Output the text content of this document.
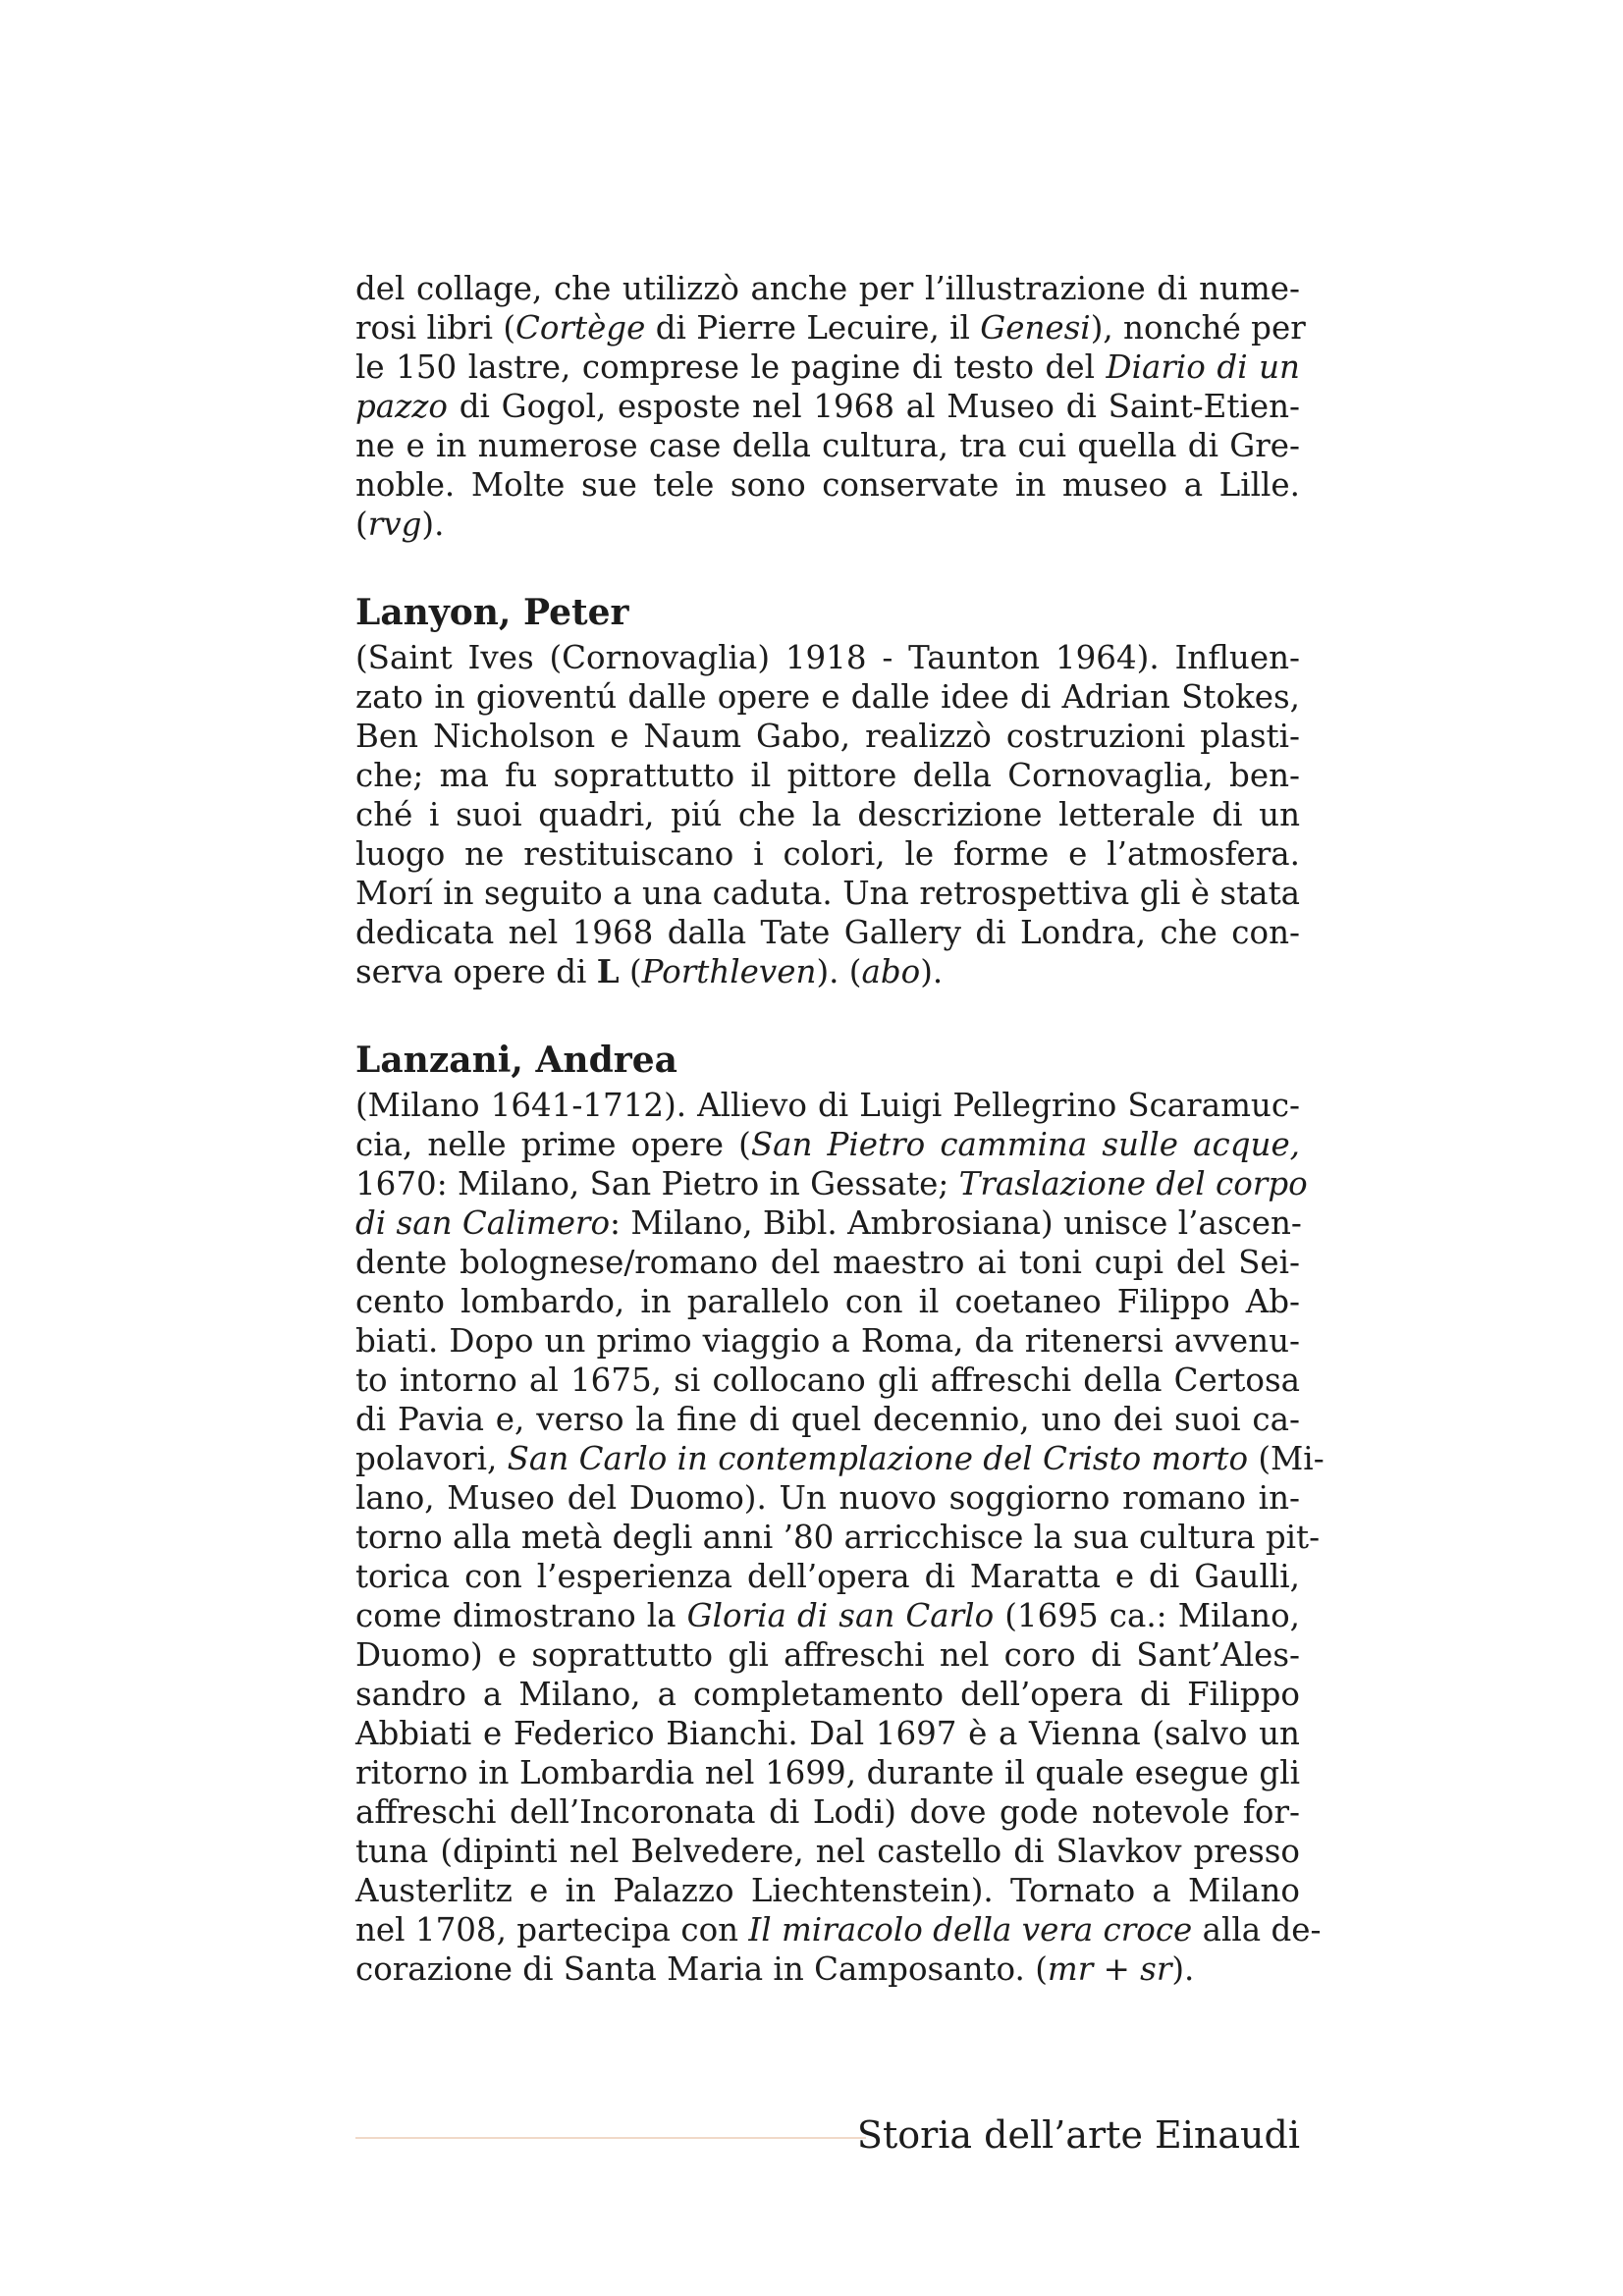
del collage, che utilizzò anche per l’illustrazione di nume-
rosi libri (Cortège di Pierre Lecuire, il Genesi), nonché per
le 150 lastre, comprese le pagine di testo del Diario di un
pazzo di Gogol, esposte nel 1968 al Museo di Saint-Etien-
ne e in numerose case della cultura, tra cui quella di Gre-
noble. Molte sue tele sono conservate in museo a Lille.
(rvg).

Lanyon, Peter

(Saint Ives (Cornovaglia) 1918 - Taunton 1964). Influen-
zato in gioventú dalle opere e dalle idee di Adrian Stokes,
Ben Nicholson e Naum Gabo, realizzò costruzioni plasti-
che; ma fu soprattutto il pittore della Cornovaglia, ben-
ché i suoi quadri, piú che la descrizione letterale di un
luogo ne restituiscano i colori, le forme e l’atmosfera.
Morí in seguito a una caduta. Una retrospettiva gli è stata
dedicata nel 1968 dalla Tate Gallery di Londra, che con-
serva opere di L (Porthleven). (abo).

Lanzani, Andrea

(Milano 1641-1712). Allievo di Luigi Pellegrino Scaramuc-
cia, nelle prime opere (San Pietro cammina sulle acque,
1670: Milano, San Pietro in Gessate; Traslazione del corpo
di san Calimero: Milano, Bibl. Ambrosiana) unisce l’ascen-
dente bolognese/romano del maestro ai toni cupi del Sei-
cento lombardo, in parallelo con il coetaneo Filippo Ab-
biati. Dopo un primo viaggio a Roma, da ritenersi avvenu-
to intorno al 1675, si collocano gli affreschi della Certosa
di Pavia e, verso la fine di quel decennio, uno dei suoi ca-
polavori, San Carlo in contemplazione del Cristo morto (Mi-
lano, Museo del Duomo). Un nuovo soggiorno romano in-
torno alla metà degli anni ’80 arricchisce la sua cultura pit-
torica con l’esperienza dell’opera di Maratta e di Gaulli,
come dimostrano la Gloria di san Carlo (1695 ca.: Milano,
Duomo) e soprattutto gli affreschi nel coro di Sant’Ales-
sandro a Milano, a completamento dell’opera di Filippo
Abbiati e Federico Bianchi. Dal 1697 è a Vienna (salvo un
ritorno in Lombardia nel 1699, durante il quale esegue gli
affreschi dell’Incoronata di Lodi) dove gode notevole for-
tuna (dipinti nel Belvedere, nel castello di Slavkov presso
Austerlitz e in Palazzo Liechtenstein). Tornato a Milano
nel 1708, partecipa con Il miracolo della vera croce alla de-
corazione di Santa Maria in Camposanto. (mr + sr).

Storia dell’arte Einaudi
